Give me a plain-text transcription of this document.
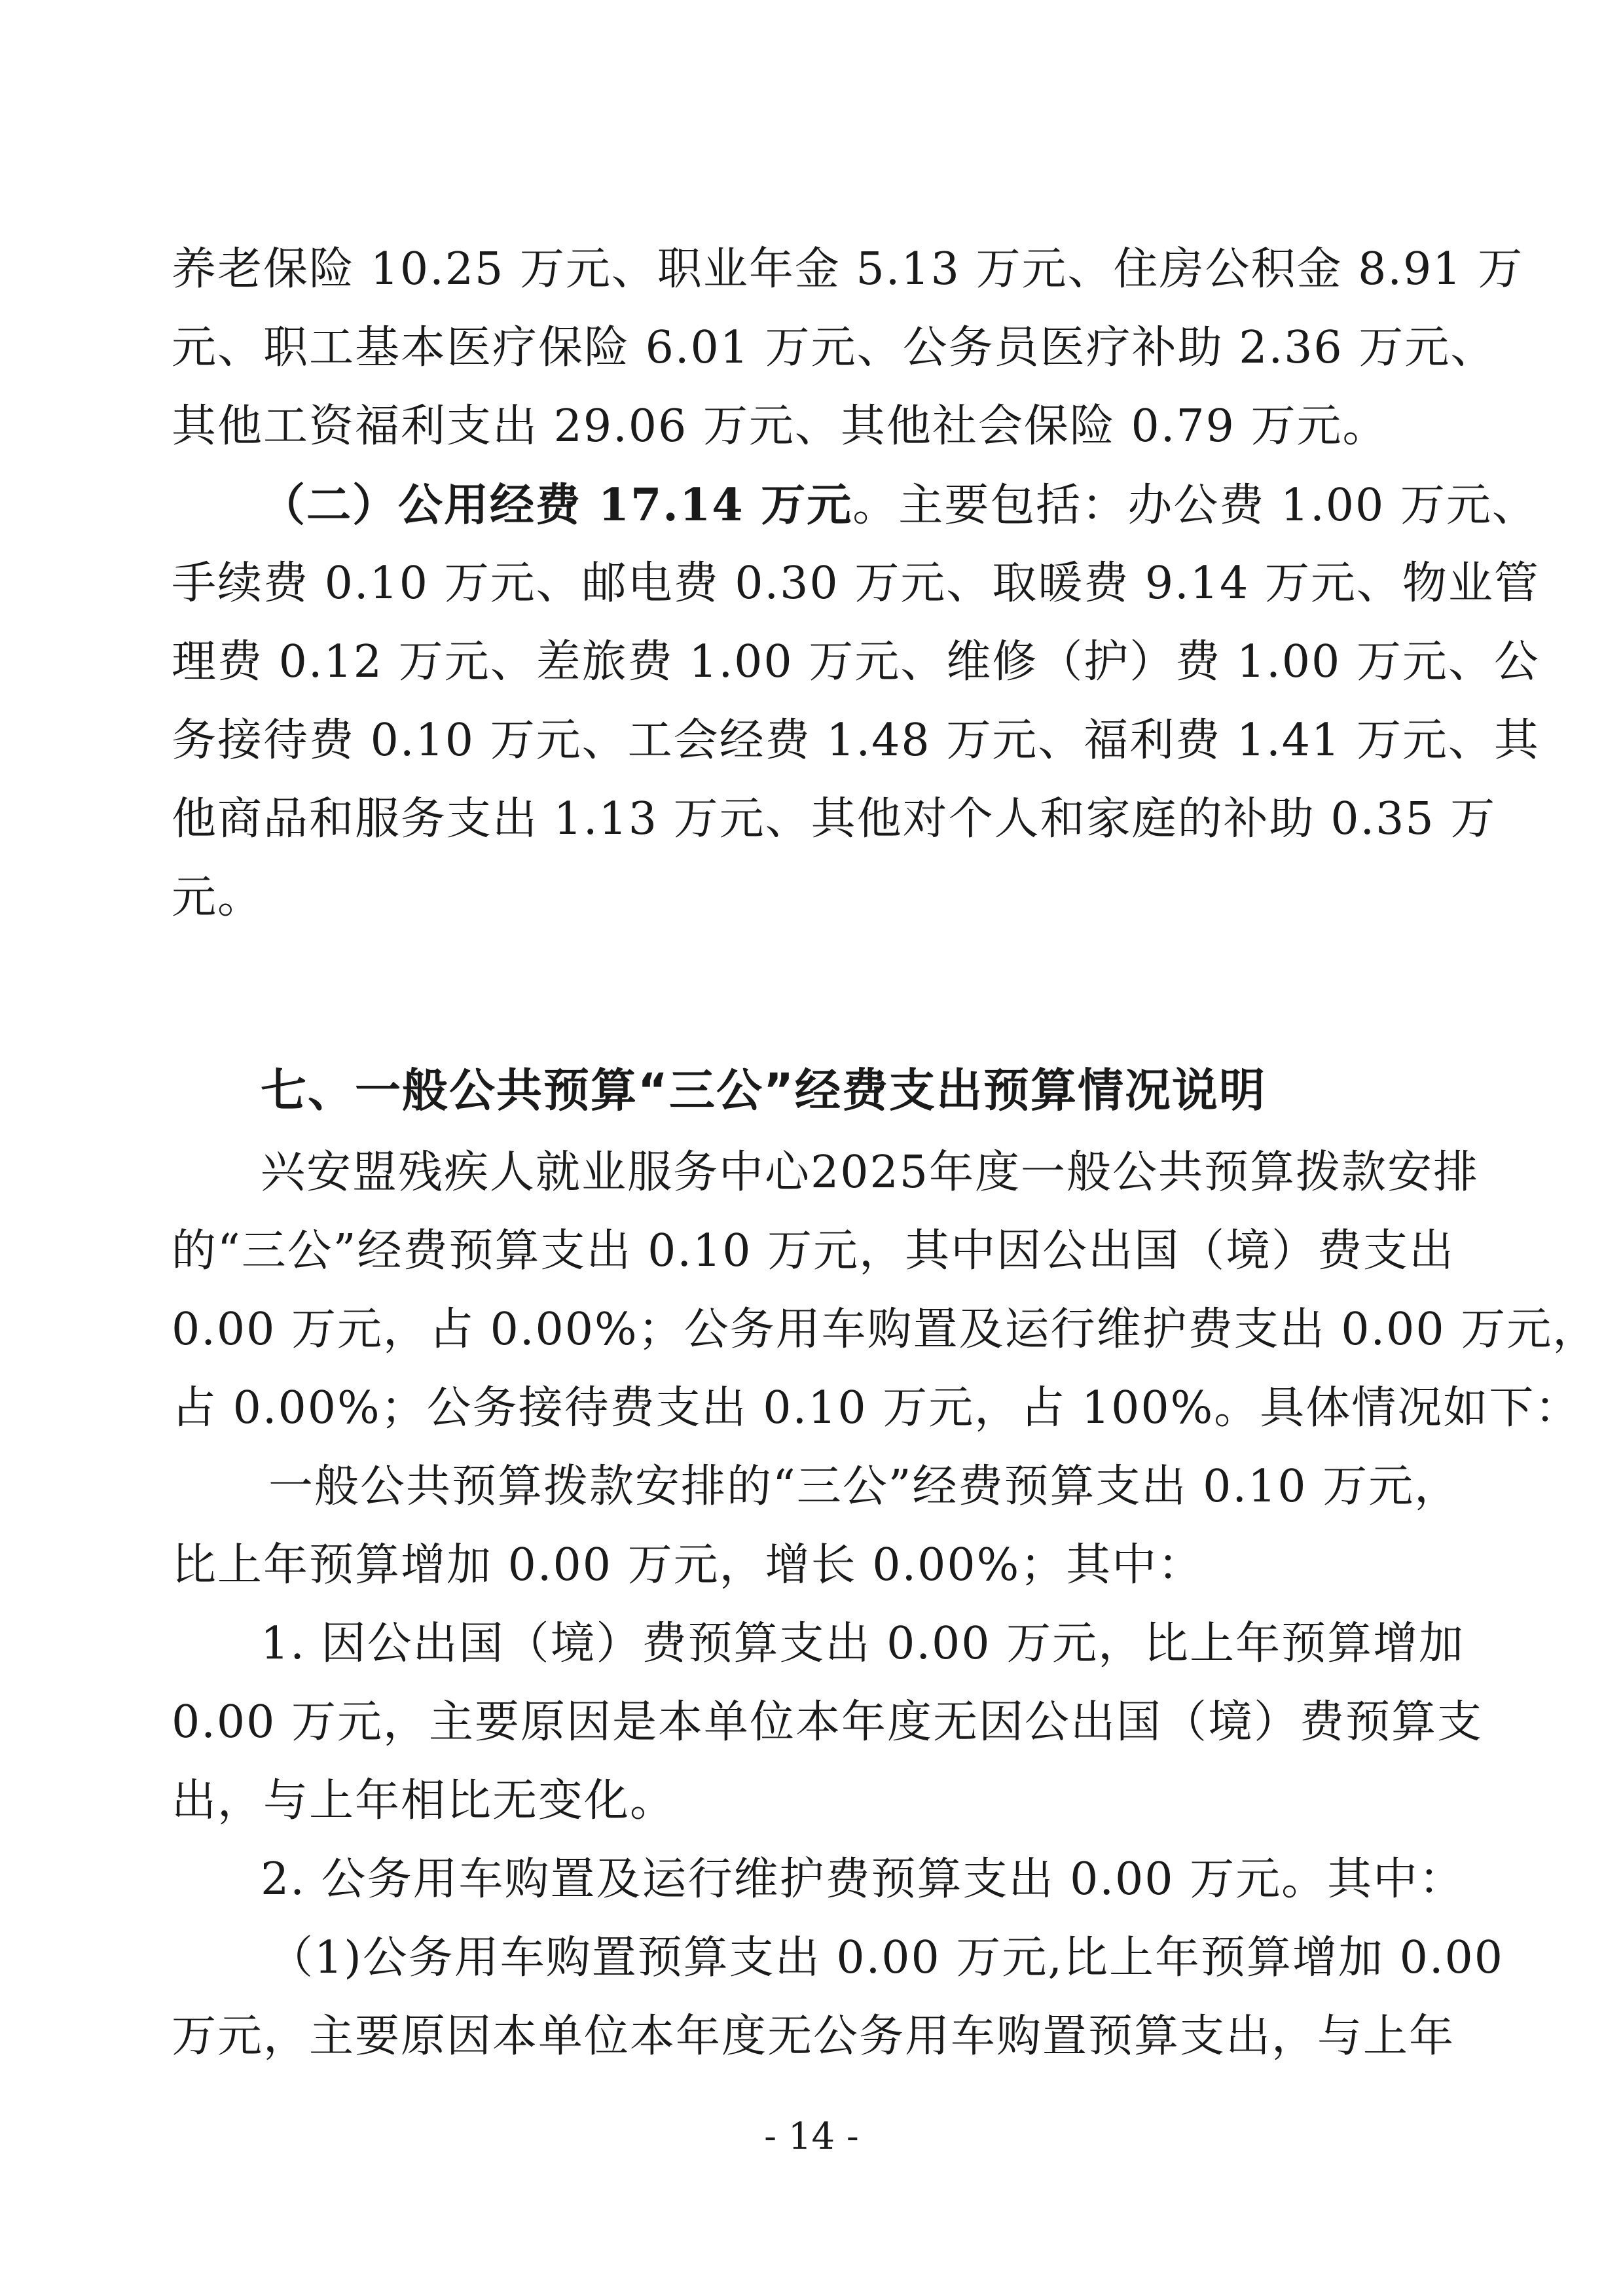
养老保险 10.25 万元、职业年金 5.13 万元、住房公积金 8.91 万
元、职工基本医疗保险 6.01 万元、公务员医疗补助 2.36 万元、
其他工资福利支出 29.06 万元、其他社会保险 0.79 万元。
（二）公用经费 17.14 万元。主要包括：办公费 1.00 万元、
手续费 0.10 万元、邮电费 0.30 万元、取暖费 9.14 万元、物业管
理费 0.12 万元、差旅费 1.00 万元、维修（护）费 1.00 万元、公
务接待费 0.10 万元、工会经费 1.48 万元、福利费 1.41 万元、其
他商品和服务支出 1.13 万元、其他对个人和家庭的补助 0.35 万
元。
七、一般公共预算“三公”经费支出预算情况说明
兴安盟残疾人就业服务中心2025年度一般公共预算拨款安排
的“三公”经费预算支出 0.10 万元，其中因公出国（境）费支出
0.00 万元，占 0.00%；公务用车购置及运行维护费支出 0.00 万元，
占 0.00%；公务接待费支出 0.10 万元，占 100%。具体情况如下：
一般公共预算拨款安排的“三公”经费预算支出 0.10 万元，
比上年预算增加 0.00 万元，增长 0.00%；其中：
1. 因公出国（境）费预算支出 0.00 万元，比上年预算增加
0.00 万元，主要原因是本单位本年度无因公出国（境）费预算支
出，与上年相比无变化。
2. 公务用车购置及运行维护费预算支出 0.00 万元。其中：
（1)公务用车购置预算支出 0.00 万元,比上年预算增加 0.00
万元，主要原因本单位本年度无公务用车购置预算支出，与上年
- 14 -
